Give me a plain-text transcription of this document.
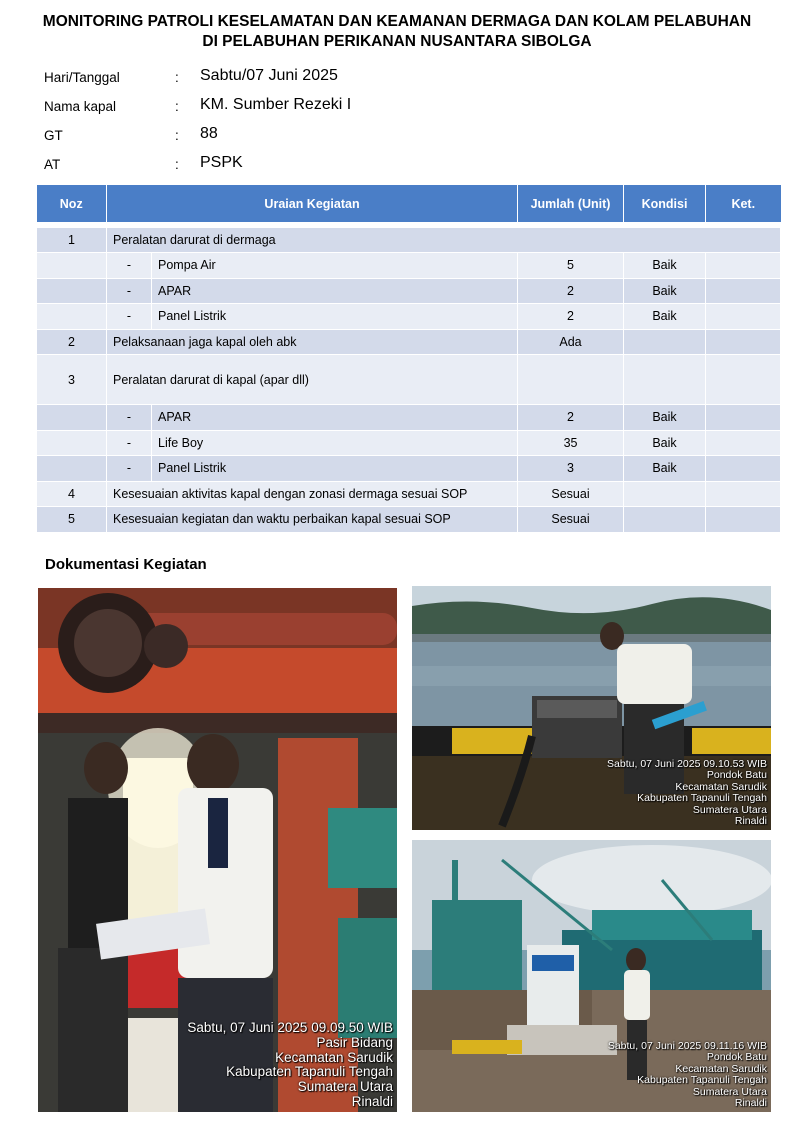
MONITORING PATROLI KESELAMATAN DAN KEAMANAN DERMAGA DAN KOLAM PELABUHAN
DI PELABUHAN PERIKANAN NUSANTARA SIBOLGA
Hari/Tanggal	: Sabtu/07 Juni 2025
Nama kapal	: KM. Sumber Rezeki I
GT	: 88
AT	: PSPK
Noz	Uraian Kegiatan		Jumlah (Unit)	Kondisi	Ket.

1	Peralatan darurat di dermaga				
	-	Pompa Air	5	Baik	
	-	APAR	2	Baik	
	-	Panel Listrik	2	Baik	
2	Pelaksanaan jaga kapal oleh abk		Ada		
3	Peralatan darurat di kapal (apar dll)				
	-	APAR	2	Baik	
	-	Life Boy	35	Baik	
	-	Panel Listrik	3	Baik	
4	Kesesuaian aktivitas kapal dengan zonasi dermaga sesuai SOP		Sesuai		
5	Kesesuaian kegiatan dan waktu perbaikan kapal sesuai SOP		Sesuai		
Dokumentasi Kegiatan
Sabtu, 07 Juni 2025 09.09.50 WIB
Pasir Bidang
Kecamatan Sarudik
Kabupaten Tapanuli Tengah
Sumatera Utara
Rinaldi
Sabtu, 07 Juni 2025 09.10.53 WIB
Pondok Batu
Kecamatan Sarudik
Kabupaten Tapanuli Tengah
Sumatera Utara
Rinaldi
Sabtu, 07 Juni 2025 09.11.16 WIB
Pondok Batu
Kecamatan Sarudik
Kabupaten Tapanuli Tengah
Sumatera Utara
Rinaldi
